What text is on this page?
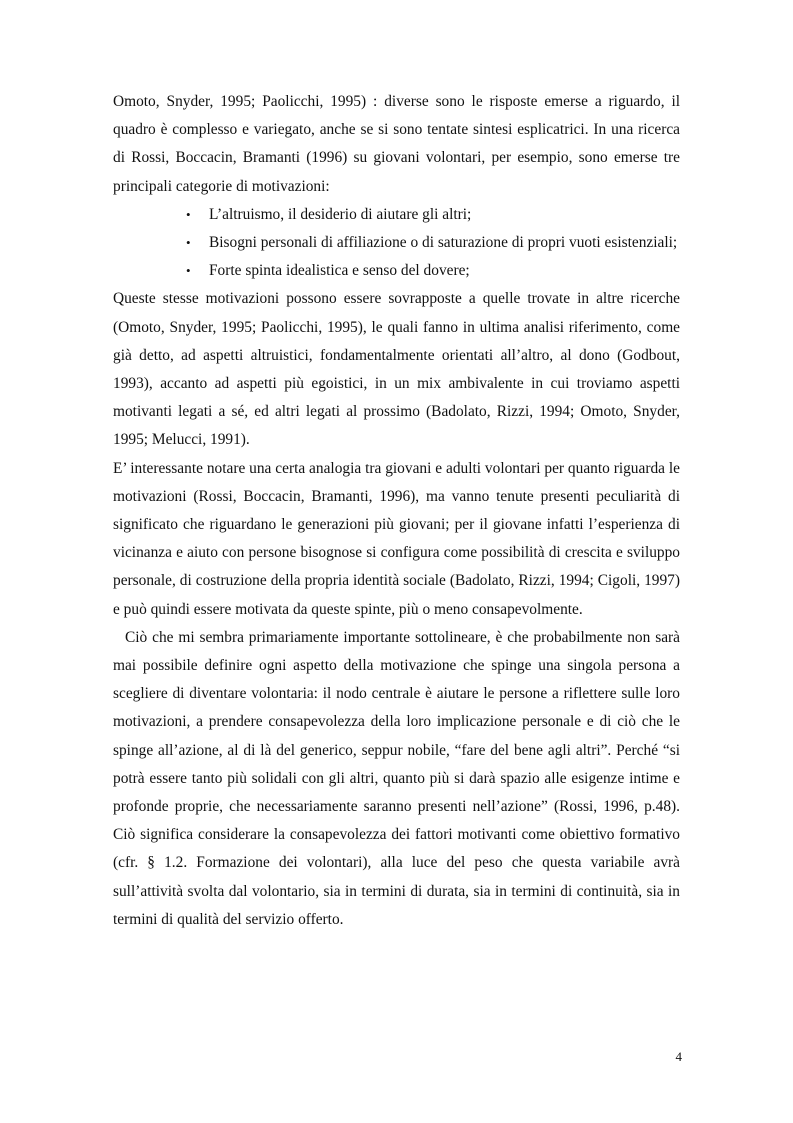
Omoto, Snyder, 1995; Paolicchi, 1995) : diverse sono le risposte emerse a riguardo, il quadro è complesso e variegato, anche se si sono tentate sintesi esplicatrici. In una ricerca di Rossi, Boccacin, Bramanti (1996) su giovani volontari, per esempio, sono emerse tre principali categorie di motivazioni:

• L’altruismo, il desiderio di aiutare gli altri;
• Bisogni personali di affiliazione o di saturazione di propri vuoti esistenziali;
• Forte spinta idealistica e senso del dovere;

Queste stesse motivazioni possono essere sovrapposte a quelle trovate in altre ricerche (Omoto, Snyder, 1995; Paolicchi, 1995), le quali fanno in ultima analisi riferimento, come già detto, ad aspetti altruistici, fondamentalmente orientati all’altro, al dono (Godbout, 1993), accanto ad aspetti più egoistici, in un mix ambivalente in cui troviamo aspetti motivanti legati a sé, ed altri legati al prossimo (Badolato, Rizzi, 1994; Omoto, Snyder, 1995; Melucci, 1991).

E’ interessante notare una certa analogia tra giovani e adulti volontari per quanto riguarda le motivazioni (Rossi, Boccacin, Bramanti, 1996), ma vanno tenute presenti peculiarità di significato che riguardano le generazioni più giovani; per il giovane infatti l’esperienza di vicinanza e aiuto con persone bisognose si configura come possibilità di crescita e sviluppo personale, di costruzione della propria identità sociale (Badolato, Rizzi, 1994; Cigoli, 1997) e può quindi essere motivata da queste spinte, più o meno consapevolmente.

Ciò che mi sembra primariamente importante sottolineare, è che probabilmente non sarà mai possibile definire ogni aspetto della motivazione che spinge una singola persona a scegliere di diventare volontaria: il nodo centrale è aiutare le persone a riflettere sulle loro motivazioni, a prendere consapevolezza della loro implicazione personale e di ciò che le spinge all’azione, al di là del generico, seppur nobile, “fare del bene agli altri”. Perché “si potrà essere tanto più solidali con gli altri, quanto più si darà spazio alle esigenze intime e profonde proprie, che necessariamente saranno presenti nell’azione” (Rossi, 1996, p.48). Ciò significa considerare la consapevolezza dei fattori motivanti come obiettivo formativo (cfr. § 1.2. Formazione dei volontari), alla luce del peso che questa variabile avrà sull’attività svolta dal volontario, sia in termini di durata, sia in termini di continuità, sia in termini di qualità del servizio offerto.

4
